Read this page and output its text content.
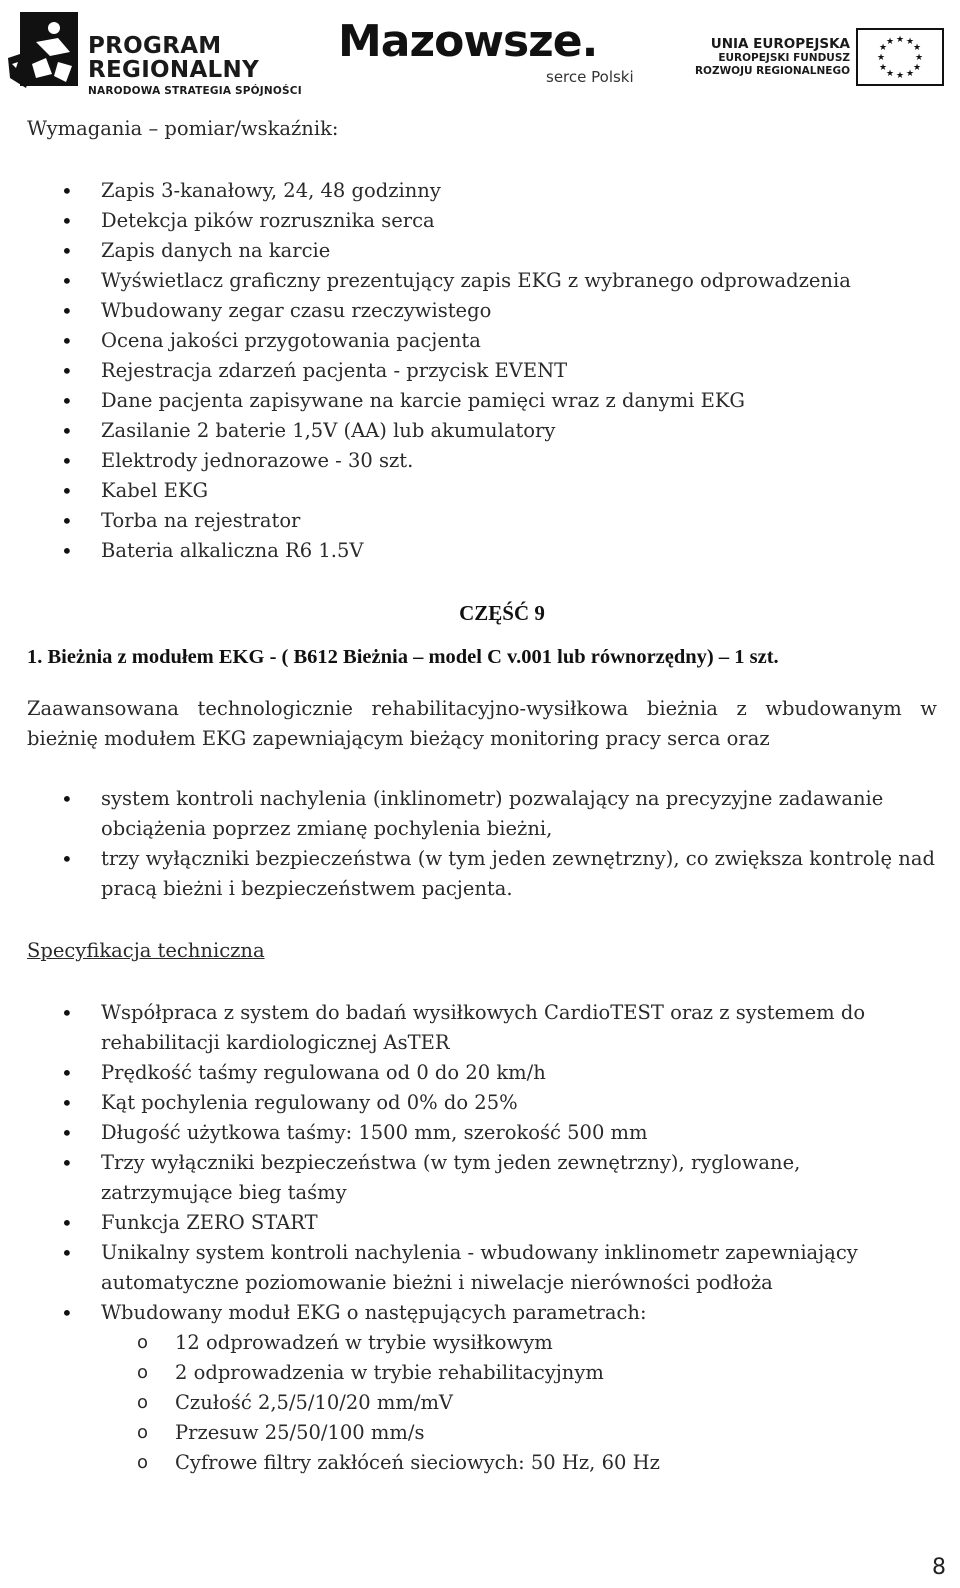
PROGRAM
REGIONALNY
NARODOWA STRATEGIA SPÓJNOŚCI
Mazowsze.
serce Polski
UNIA EUROPEJSKA
EUROPEJSKI FUNDUSZ
ROZWOJU REGIONALNEGO
★ ★
★
★
★
★
★
★
★
★
★
★

Wymagania – pomiar/wskaźnik:

• Zapis 3-kanałowy, 24, 48 godzinny
• Detekcja pików rozrusznika serca
• Zapis danych na karcie
• Wyświetlacz graficzny prezentujący zapis EKG z wybranego odprowadzenia
• Wbudowany zegar czasu rzeczywistego
• Ocena jakości przygotowania pacjenta
• Rejestracja zdarzeń pacjenta - przycisk EVENT
• Dane pacjenta zapisywane na karcie pamięci wraz z danymi EKG
• Zasilanie 2 baterie 1,5V (AA) lub akumulatory
• Elektrody jednorazowe - 30 szt.
• Kabel EKG
• Torba na rejestrator
• Bateria alkaliczna R6 1.5V
CZĘŚĆ 9
1. Bieżnia z modułem EKG - ( B612 Bieżnia – model C v.001 lub równorzędny) – 1 szt.

Zaawansowana technologicznie rehabilitacyjno-wysiłkowa bieżnia z wbudowanym w bieżnię modułem EKG zapewniającym bieżący monitoring pracy serca oraz

• system kontroli nachylenia (inklinometr) pozwalający na precyzyjne zadawanie obciążenia poprzez zmianę pochylenia bieżni,
• trzy wyłączniki bezpieczeństwa (w tym jeden zewnętrzny), co zwiększa kontrolę nad pracą bieżni i bezpieczeństwem pacjenta.

Specyfikacja techniczna

• Współpraca z system do badań wysiłkowych CardioTEST oraz z systemem do rehabilitacji kardiologicznej AsTER
• Prędkość taśmy regulowana od 0 do 20 km/h
• Kąt pochylenia regulowany od 0% do 25%
• Długość użytkowa taśmy: 1500 mm, szerokość 500 mm
• Trzy wyłączniki bezpieczeństwa (w tym jeden zewnętrzny), ryglowane, zatrzymujące bieg taśmy
• Funkcja ZERO START
• Unikalny system kontroli nachylenia - wbudowany inklinometr zapewniający automatyczne poziomowanie bieżni i niwelacje nierówności podłoża
• Wbudowany moduł EKG o następujących parametrach:
o 12 odprowadzeń w trybie wysiłkowym
o 2 odprowadzenia w trybie rehabilitacyjnym
o Czułość 2,5/5/10/20 mm/mV
o Przesuw 25/50/100 mm/s
o Cyfrowe filtry zakłóceń sieciowych: 50 Hz, 60 Hz
8
